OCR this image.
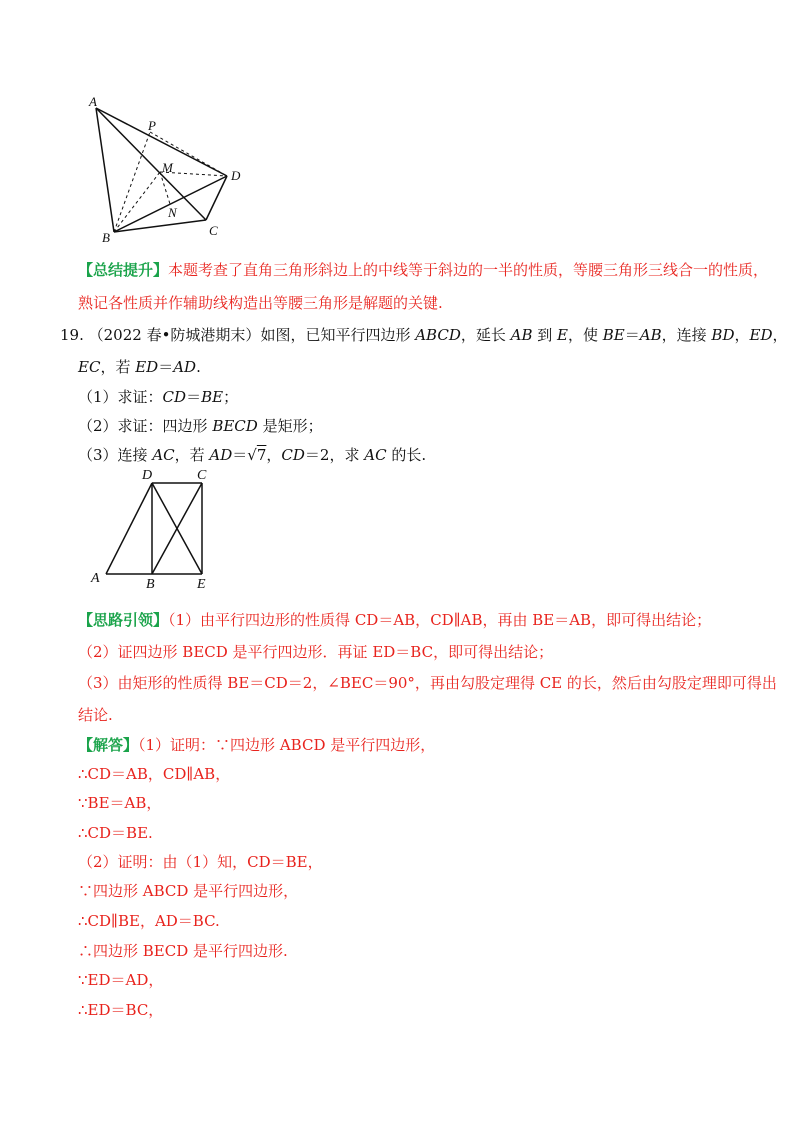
A
P
M
D
N
B	C
【总结提升】本题考查了直角三角形斜边上的中线等于斜边的一半的性质，等腰三角形三线合一的性质，
熟记各性质并作辅助线构造出等腰三角形是解题的关键.
19. （2022 春•防城港期末）如图，已知平行四边形 ABCD，延长 AB 到 E，使 BE＝AB，连接 BD，ED，
EC，若 ED＝AD.
（1）求证：CD＝BE；
（2）求证：四边形 BECD 是矩形；
（3）连接 AC，若 AD＝√7，CD＝2，求 AC 的长.
D	C
A	B	E
【思路引领】（1）由平行四边形的性质得 CD＝AB，CD∥AB，再由 BE＝AB，即可得出结论；
（2）证四边形 BECD 是平行四边形．再证 ED＝BC，即可得出结论；
（3）由矩形的性质得 BE＝CD＝2，∠BEC＝90°，再由勾股定理得 CE 的长，然后由勾股定理即可得出
结论.
【解答】（1）证明：∵四边形 ABCD 是平行四边形，
∴CD＝AB，CD∥AB，
∵BE＝AB，
∴CD＝BE.
（2）证明：由（1）知，CD＝BE，
∵四边形 ABCD 是平行四边形，
∴CD∥BE，AD＝BC.
∴四边形 BECD 是平行四边形.
∵ED＝AD，
∴ED＝BC，
